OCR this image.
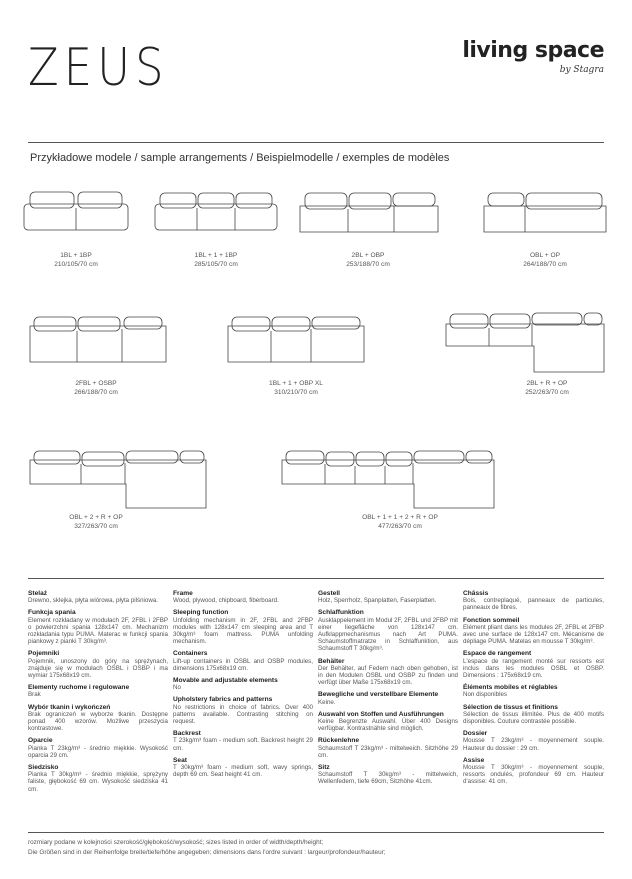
ZEUS	living space
by Stagra
Przykładowe modele / sample arrangements / Beispielmodelle / exemples de modèles
1BL + 1BP
210/105/70 cm
1BL + 1 + 1BP
285/105/70 cm
2BL + OBP
253/188/70 cm
OBL + OP
264/188/70 cm
2FBL + OSBP
266/188/70 cm
1BL + 1 + OBP XL
310/210/70 cm
2BL + R + OP
252/263/70 cm
OBL + 2 + R + OP
327/263/70 cm
OBL + 1 + 1 + 2 + R + OP
477/263/70 cm
Stelaż
Drewno, sklejka, płyta wiórowa, płyta pilśniowa.
Funkcja spania
Element rozkładany w modułach 2F, 2FBL i 2FBP o powierzchni spania 128x147 cm. Mechanizm rozkładania typu PUMA. Materac w funkcji spania piankowy z pianki T 30kg/m³.
Pojemniki
Pojemnik, unoszony do góry na sprężynach, znajduje się w modułach OSBL i OSBP i ma wymiar 175x68x19 cm.
Elementy ruchome i regulowane
Brak
Wybór tkanin i wykończeń
Brak ograniczeń w wyborze tkanin. Dostępne ponad 400 wzorów. Możliwe przeszycia kontrastowe.
Oparcie
Pianka T 23kg/m³ - średnio miękkie. Wysokość oparcia 29 cm.
Siedzisko
Pianka T 30kg/m³ - średnio miękkie, sprężyny faliste, głębokość 69 cm. Wysokość siedziska 41 cm.
Frame
Wood, plywood, chipboard, fiberboard.
Sleeping function
Unfolding mechanism in 2F, 2FBL and 2FBP modules with 128x147 cm sleeping area and T 30kg/m³ foam mattress. PUMA unfolding mechanism.
Containers
Lift-up containers in OSBL and OSBP modules, dimensions 175x68x19 cm.
Movable and adjustable elements
No
Upholstery fabrics and patterns
No restrictions in choice of fabrics. Over 400 patterns available. Contrasting stitching on request.
Backrest
T 23kg/m³ foam - medium soft. Backrest height 29 cm.
Seat
T 30kg/m³ foam - medium soft, wavy springs, depth 69 cm. Seat height 41 cm.
Gestell
Holz, Sperrholz, Spanplatten, Faserplatten.
Schlaffunktion
Ausklappelement im Modul 2F, 2FBL und 2FBP mit einer liegefläche von 128x147 cm. Aufklappmechanismus nach Art PUMA. Schaumstoffmatratze in Schlaffunktion, aus Schaumstoff T 30kg/m³.
Behälter
Der Behälter, auf Federn nach oben gehoben, ist in den Modulen OSBL und OSBP zu finden und verfügt über Maße 175x68x19 cm.
Bewegliche und verstellbare Elemente
Keine.
Auswahl von Stoffen und Ausführungen
Keine Begrenzte Auswahl. Über 400 Designs verfügbar. Kontrastnähte sind möglich.
Rückenlehne
Schaumstoff T 23kg/m³ - mittelweich. Sitzhöhe 29 cm.
Sitz
Schaumstoff T 30kg/m³ - mittelweich, Wellenfedern, tiefe 69cm, Sitzhöhe 41cm.
Châssis
Bois, contreplaqué, panneaux de particules, panneaux de fibres.
Fonction sommeil
Elément pliant dans les modules 2F, 2FBL et 2FBP avec une surface de 128x147 cm. Mécanisme de dépliage PUMA. Matelas en mousse T 30kg/m³.
Espace de rangement
L'espace de rangement monté sur ressorts est inclus dans les modules OSBL et OSBP. Dimensions : 175x68x19 cm.
Éléments mobiles et réglables
Non disponibles
Sélection de tissus et finitions
Sélection de tissus illimitée. Plus de 400 motifs disponibles. Couture contrastée possible.
Dossier
Mousse T 23kg/m³ - moyennement souple. Hauteur du dossier : 29 cm.
Assise
Mousse T 30kg/m³ - moyennement souple, ressorts ondulés, profondeur 69 cm. Hauteur d'assise: 41 cm.
rozmiary podane w kolejności szerokość/głębokość/wysokość; sizes listed in order of width/depth/height;
Die Größen sind in der Reihenfolge breite/tiefe/höhe angegeben; dimensions dans l'ordre suivant : largeur/profondeur/hauteur;
